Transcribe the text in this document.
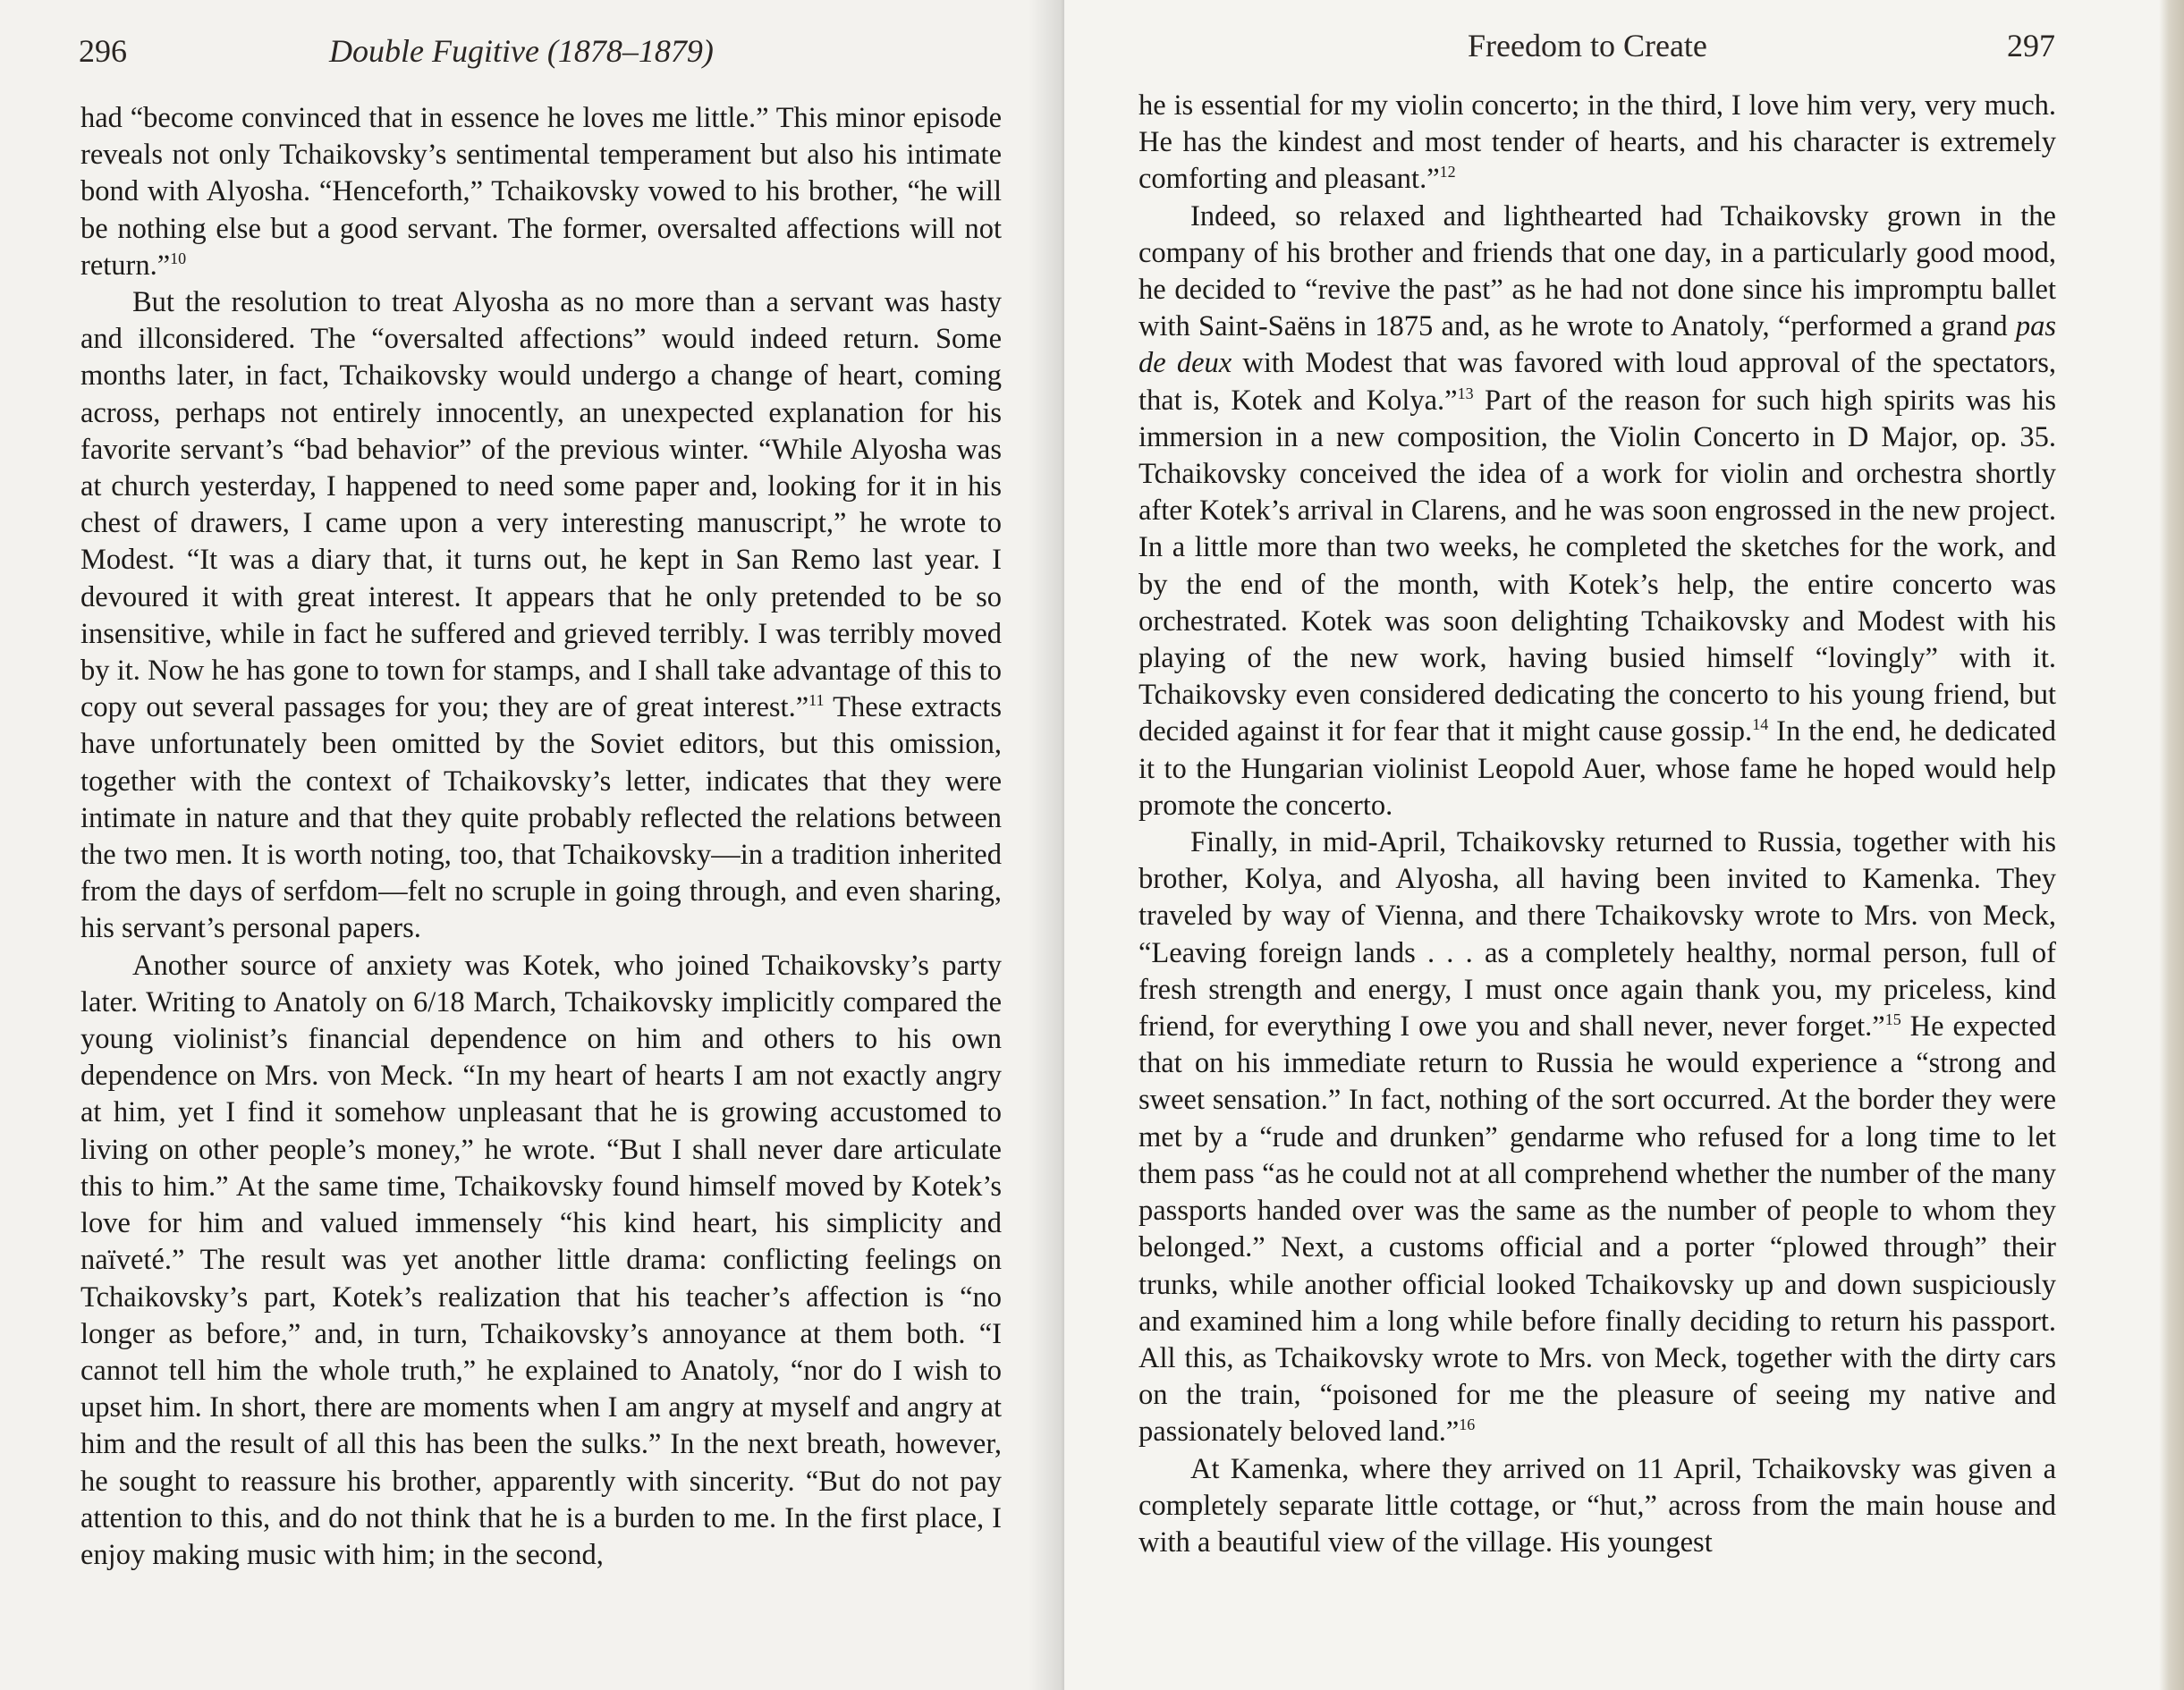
296	Double Fugitive (1878–1879)

had “become convinced that in essence he loves me little.” This minor episode reveals not only Tchaikovsky’s sentimental temperament but also his intimate bond with Alyosha. “Henceforth,” Tchaikovsky vowed to his brother, “he will be nothing else but a good servant. The former, oversalted affections will not return.”$^{10}$

But the resolution to treat Alyosha as no more than a servant was hasty and illconsidered. The “oversalted affections” would indeed return. Some months later, in fact, Tchaikovsky would undergo a change of heart, coming across, perhaps not entirely innocently, an unexpected explanation for his favorite servant’s “bad behavior” of the previous winter. “While Alyosha was at church yesterday, I happened to need some paper and, looking for it in his chest of drawers, I came upon a very interesting manuscript,” he wrote to Modest. “It was a diary that, it turns out, he kept in San Remo last year. I devoured it with great interest. It appears that he only pretended to be so insensitive, while in fact he suffered and grieved terribly. I was terribly moved by it. Now he has gone to town for stamps, and I shall take advantage of this to copy out several passages for you; they are of great interest.”$^{11}$ These extracts have unfortunately been omitted by the Soviet editors, but this omission, together with the context of Tchaikovsky’s letter, indicates that they were intimate in nature and that they quite probably reflected the relations between the two men. It is worth noting, too, that Tchaikovsky—in a tradition inherited from the days of serfdom—felt no scruple in going through, and even sharing, his servant’s personal papers.

Another source of anxiety was Kotek, who joined Tchaikovsky’s party later. Writing to Anatoly on 6/18 March, Tchaikovsky implicitly compared the young violinist’s financial dependence on him and others to his own dependence on Mrs. von Meck. “In my heart of hearts I am not exactly angry at him, yet I find it somehow unpleasant that he is growing accustomed to living on other people’s money,” he wrote. “But I shall never dare articulate this to him.” At the same time, Tchaikovsky found himself moved by Kotek’s love for him and valued immensely “his kind heart, his simplicity and naïveté.” The result was yet another little drama: conflicting feelings on Tchaikovsky’s part, Kotek’s realization that his teacher’s affection is “no longer as before,” and, in turn, Tchaikovsky’s annoyance at them both. “I cannot tell him the whole truth,” he explained to Anatoly, “nor do I wish to upset him. In short, there are moments when I am angry at myself and angry at him and the result of all this has been the sulks.” In the next breath, however, he sought to reassure his brother, apparently with sincerity. “But do not pay attention to this, and do not think that he is a burden to me. In the first place, I enjoy making music with him; in the second,

Freedom to Create	297

he is essential for my violin concerto; in the third, I love him very, very much. He has the kindest and most tender of hearts, and his character is extremely comforting and pleasant.”$^{12}$

Indeed, so relaxed and lighthearted had Tchaikovsky grown in the company of his brother and friends that one day, in a particularly good mood, he decided to “revive the past” as he had not done since his impromptu ballet with Saint-Saëns in 1875 and, as he wrote to Anatoly, “performed a grand pas de deux with Modest that was favored with loud approval of the spectators, that is, Kotek and Kolya.”$^{13}$ Part of the reason for such high spirits was his immersion in a new composition, the Violin Concerto in D Major, op. 35. Tchaikovsky conceived the idea of a work for violin and orchestra shortly after Kotek’s arrival in Clarens, and he was soon engrossed in the new project. In a little more than two weeks, he completed the sketches for the work, and by the end of the month, with Kotek’s help, the entire concerto was orchestrated. Kotek was soon delighting Tchaikovsky and Modest with his playing of the new work, having busied himself “lovingly” with it. Tchaikovsky even considered dedicating the concerto to his young friend, but decided against it for fear that it might cause gossip.$^{14}$ In the end, he dedicated it to the Hungarian violinist Leopold Auer, whose fame he hoped would help promote the concerto.

Finally, in mid-April, Tchaikovsky returned to Russia, together with his brother, Kolya, and Alyosha, all having been invited to Kamenka. They traveled by way of Vienna, and there Tchaikovsky wrote to Mrs. von Meck, “Leaving foreign lands . . . as a completely healthy, normal person, full of fresh strength and energy, I must once again thank you, my priceless, kind friend, for everything I owe you and shall never, never forget.”$^{15}$ He expected that on his immediate return to Russia he would experience a “strong and sweet sensation.” In fact, nothing of the sort occurred. At the border they were met by a “rude and drunken” gendarme who refused for a long time to let them pass “as he could not at all comprehend whether the number of the many passports handed over was the same as the number of people to whom they belonged.” Next, a customs official and a porter “plowed through” their trunks, while another official looked Tchaikovsky up and down suspiciously and examined him a long while before finally deciding to return his passport. All this, as Tchaikovsky wrote to Mrs. von Meck, together with the dirty cars on the train, “poisoned for me the pleasure of seeing my native and passionately beloved land.”$^{16}$

At Kamenka, where they arrived on 11 April, Tchaikovsky was given a completely separate little cottage, or “hut,” across from the main house and with a beautiful view of the village. His youngest
